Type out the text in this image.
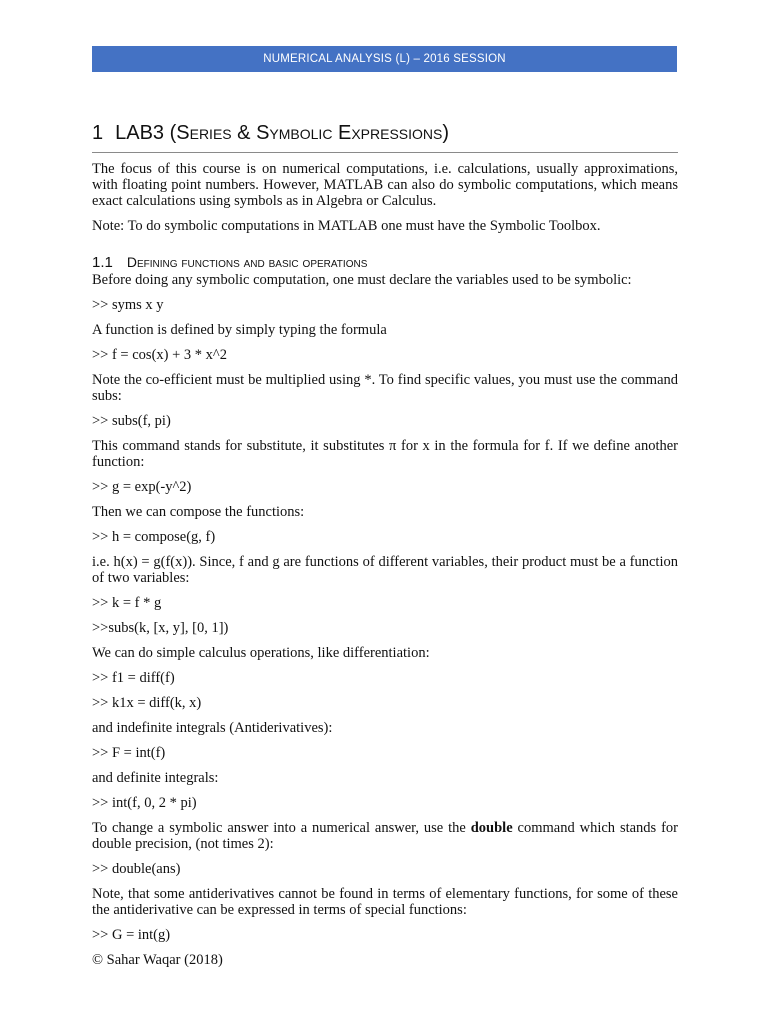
NUMERICAL ANALYSIS (L) – 2016 SESSION
1 LAB3 (Series & Symbolic Expressions)

The focus of this course is on numerical computations, i.e. calculations, usually approximations, with floating point numbers. However, MATLAB can also do symbolic computations, which means exact calculations using symbols as in Algebra or Calculus.

Note: To do symbolic computations in MATLAB one must have the Symbolic Toolbox.

1.1 Defining functions and basic operations

Before doing any symbolic computation, one must declare the variables used to be symbolic:

>> syms x y

A function is defined by simply typing the formula

>> f = cos(x) + 3 * x^2

Note the co-efficient must be multiplied using *. To find specific values, you must use the command subs:

>> subs(f, pi)

This command stands for substitute, it substitutes π for x in the formula for f. If we define another function:

>> g = exp(-y^2)

Then we can compose the functions:

>> h = compose(g, f)

i.e. h(x) = g(f(x)). Since, f and g are functions of different variables, their product must be a function of two variables:

>> k = f * g
>>subs(k, [x, y], [0, 1])

We can do simple calculus operations, like differentiation:

>> f1 = diff(f)
>> k1x = diff(k, x)

and indefinite integrals (Antiderivatives):

>> F = int(f)

and definite integrals:

>> int(f, 0, 2 * pi)

To change a symbolic answer into a numerical answer, use the double command which stands for double precision, (not times 2):

>> double(ans)

Note, that some antiderivatives cannot be found in terms of elementary functions, for some of these the antiderivative can be expressed in terms of special functions:

>> G = int(g)
© Sahar Waqar (2018)
